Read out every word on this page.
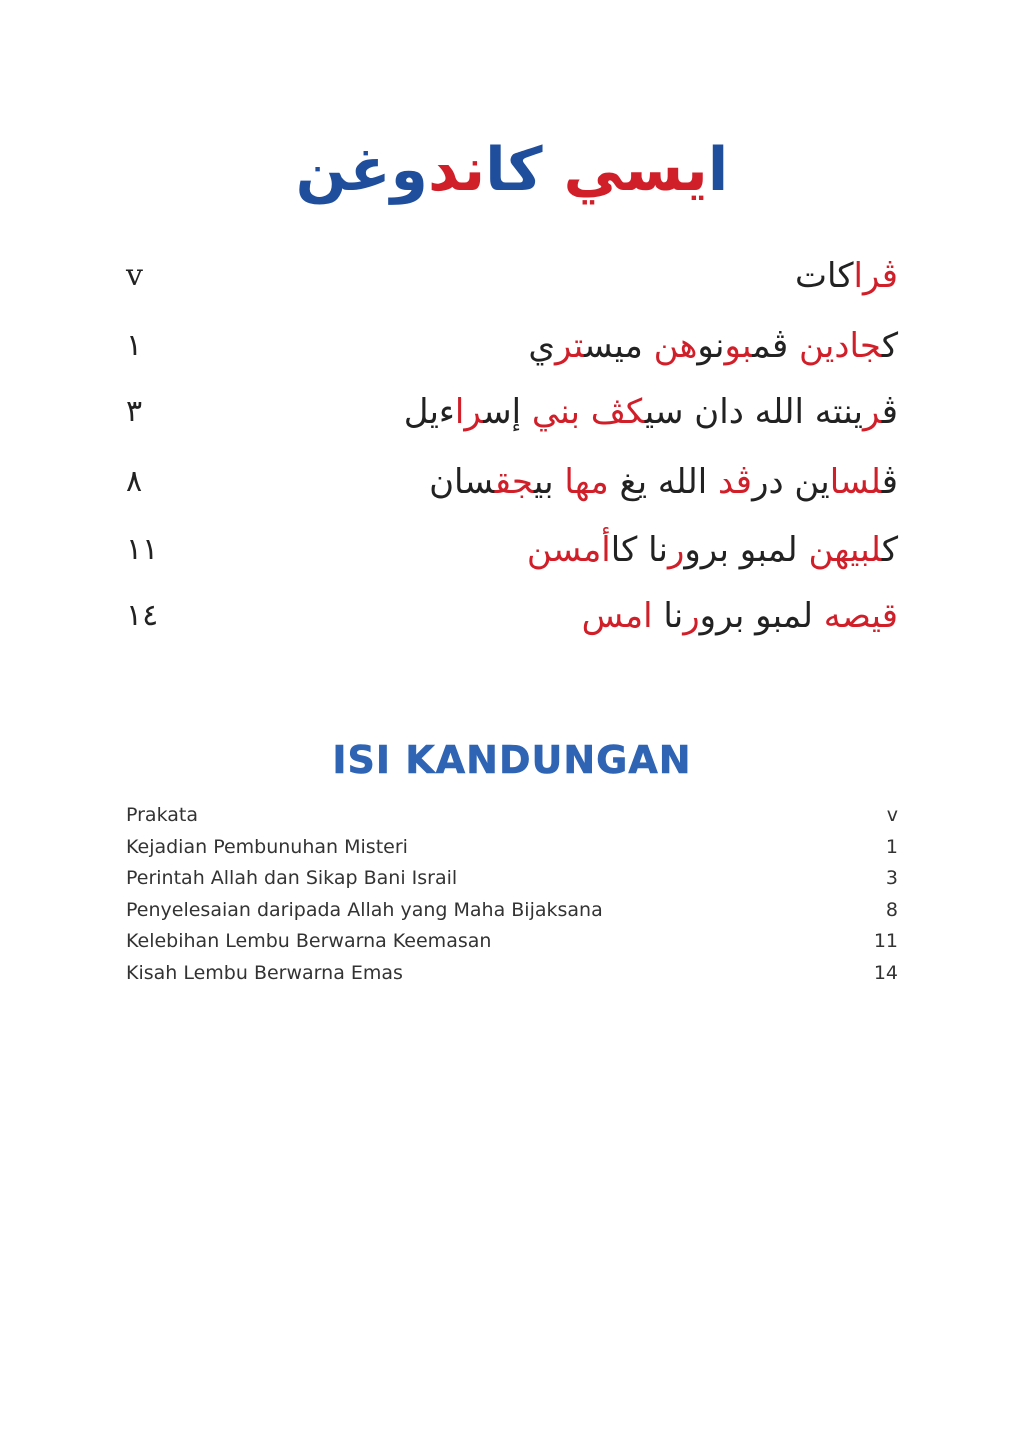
ايسي كاندوغن
ڤراكات
v
كجادين ڤمبونوهن ميستري
١
ڤرينته الله دان سيكڤ بني إسراءيل
٣
ڤلساين درڤد الله يغ مها بيجقسان
٨
كلبيهن لمبو برورنا كاأمسن
١١
قيصه لمبو برورنا امس
١٤
ISI KANDUNGAN
Prakata	v
Kejadian Pembunuhan Misteri	1
Perintah Allah dan Sikap Bani Israil	3
Penyelesaian daripada Allah yang Maha Bijaksana	8
Kelebihan Lembu Berwarna Keemasan	11
Kisah Lembu Berwarna Emas	14
